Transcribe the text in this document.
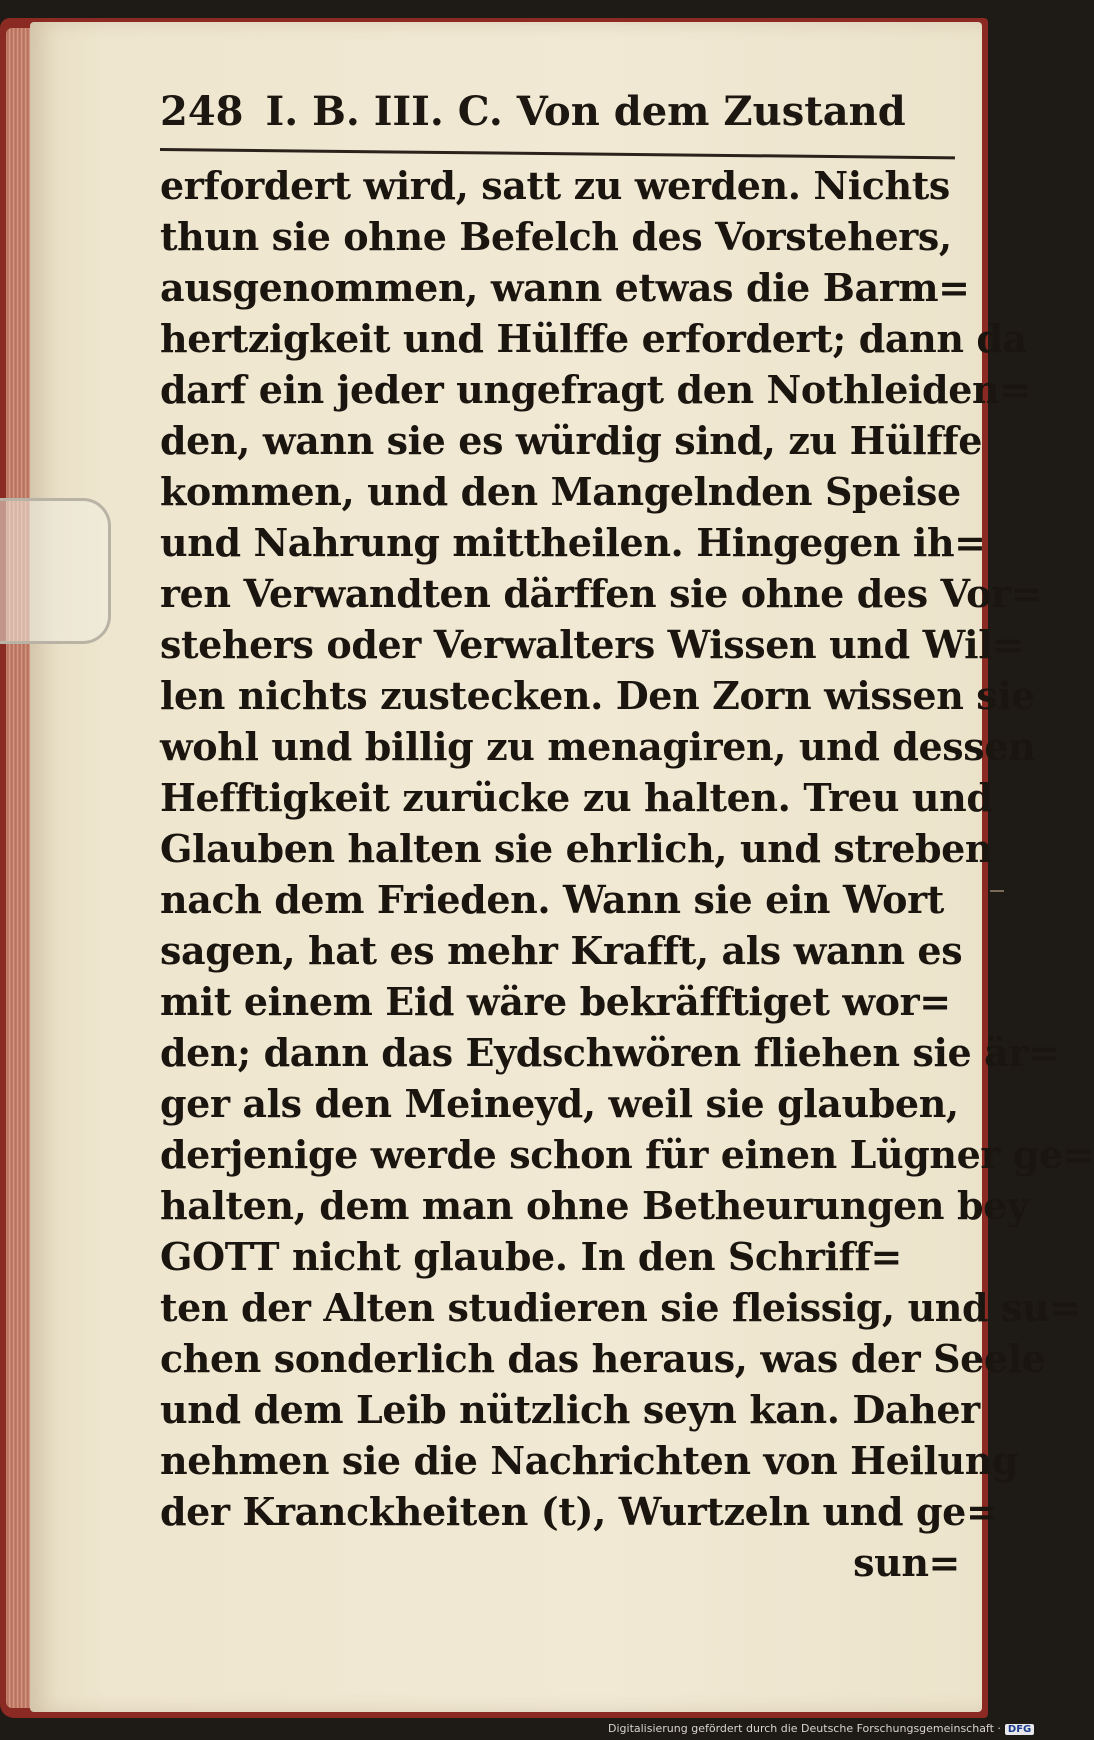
248 I. B. III. C. Von dem Zustand
erfordert wird, satt zu werden. Nichts
thun sie ohne Befelch des Vorstehers,
ausgenommen, wann etwas die Barm=
hertzigkeit und Hülffe erfordert; dann da
darf ein jeder ungefragt den Nothleiden=
den, wann sie es würdig sind, zu Hülffe
kommen, und den Mangelnden Speise
und Nahrung mittheilen. Hingegen ih=
ren Verwandten därffen sie ohne des Vor=
stehers oder Verwalters Wissen und Wil=
len nichts zustecken. Den Zorn wissen sie
wohl und billig zu menagiren, und dessen
Hefftigkeit zurücke zu halten. Treu und
Glauben halten sie ehrlich, und streben
nach dem Frieden. Wann sie ein Wort
sagen, hat es mehr Krafft, als wann es
mit einem Eid wäre bekräfftiget wor=
den; dann das Eydschwören fliehen sie är=
ger als den Meineyd, weil sie glauben,
derjenige werde schon für einen Lügner ge=
halten, dem man ohne Betheurungen bey
GOTT nicht glaube. In den Schriff=
ten der Alten studieren sie fleissig, und su=
chen sonderlich das heraus, was der Seele
und dem Leib nützlich seyn kan. Daher
nehmen sie die Nachrichten von Heilung
der Kranckheiten (t), Wurtzeln und ge=
sun=
Digitalisierung gefördert durch die Deutsche Forschungsgemeinschaft · DFG
